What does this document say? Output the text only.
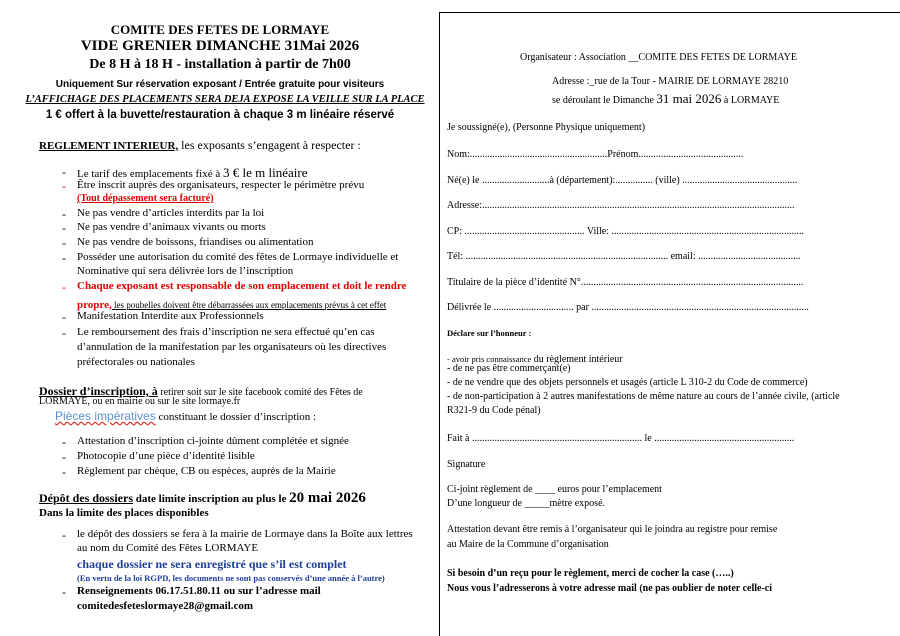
COMITE DES FETES DE LORMAYE
VIDE GRENIER DIMANCHE 31Mai 2026
De 8 H à 18 H - installation à partir de 7h00
Uniquement Sur réservation exposant / Entrée gratuite pour visiteurs
L’AFFICHAGE DES PLACEMENTS SERA DEJA EXPOSE LA VEILLE SUR LA PLACE
1 € offert à la buvette/restauration à chaque 3 m linéaire réservé
REGLEMENT INTERIEUR, les exposants s’engagent à respecter :
- Le tarif des emplacements fixé à 3 € le m linéaire
- Être inscrit auprès des organisateurs, respecter le périmètre prévu
(Tout dépassement sera facturé)
- Ne pas vendre d’articles interdits par la loi
- Ne pas vendre d’animaux vivants ou morts
- Ne pas vendre de boissons, friandises ou alimentation
- Posséder une autorisation du comité des fêtes de Lormaye individuelle et
Nominative qui sera délivrée lors de l’inscription
- Chaque exposant est responsable de son emplacement et doit le rendre
propre, les poubelles doivent être débarrassées aux emplacements prévus à cet effet
- Manifestation Interdite aux Professionnels
- Le remboursement des frais d’inscription ne sera effectué qu’en cas
d’annulation de la manifestation par les organisateurs où les directives
préfectorales ou nationales
Dossier d’inscription, à retirer soit sur le site facebook comité des Fêtes de
LORMAYE, ou en mairie ou sur le site lormaye.fr
Pièces impératives constituant le dossier d’inscription :
- Attestation d’inscription ci-jointe dûment complétée et signée
- Photocopie d’une pièce d’identité lisible
- Règlement par chèque, CB ou espèces, auprès de la Mairie
Dépôt des dossiers date limite inscription au plus le 20 mai 2026
Dans la limite des places disponibles
- le dépôt des dossiers se fera à la mairie de Lormaye dans la Boîte aux lettres
au nom du Comité des Fêtes LORMAYE
chaque dossier ne sera enregistré que s’il est complet
(En vertu de la loi RGPD, les documents ne sont pas conservés d’une année à l’autre)
- Renseignements 06.17.51.80.11 ou sur l’adresse mail
comitedesfeteslormaye28@gmail.com
Organisateur : Association __COMITE DES FETES DE LORMAYE
Adresse :_rue de la Tour - MAIRIE DE LORMAYE 28210
se déroulant le Dimanche 31 mai 2026 à LORMAYE
Je soussigné(e), (Personne Physique uniquement)
Nom:.......................................................Prénom..........................................
Né(e) le ...........................à (département):............... (ville) ..............................................
Adresse:.............................................................................................................................
CP: ................................................ Ville: .............................................................................
Tél: ................................................................................. email: .........................................
Titulaire de la pièce d’identité N°.........................................................................................
Délivrée le ................................ par .......................................................................................
Déclare sur l’honneur :
- avoir pris connaissance du règlement intérieur
- de ne pas être commerçant(e)
- de ne vendre que des objets personnels et usagés (article L 310-2 du Code de commerce)
- de non-participation à 2 autres manifestations de même nature au cours de l’année civile, (article
R321-9 du Code pénal)
Fait à .................................................................... le ........................................................
Signature
Ci-joint règlement de ____ euros pour l’emplacement
D’une longueur de _____mètre exposé.
Attestation devant être remis à l’organisateur qui le joindra au registre pour remise
au Maire de la Commune d’organisation
Si besoin d’un reçu pour le règlement, merci de cocher la case (…..)
Nous vous l’adresserons à votre adresse mail (ne pas oublier de noter celle-ci
